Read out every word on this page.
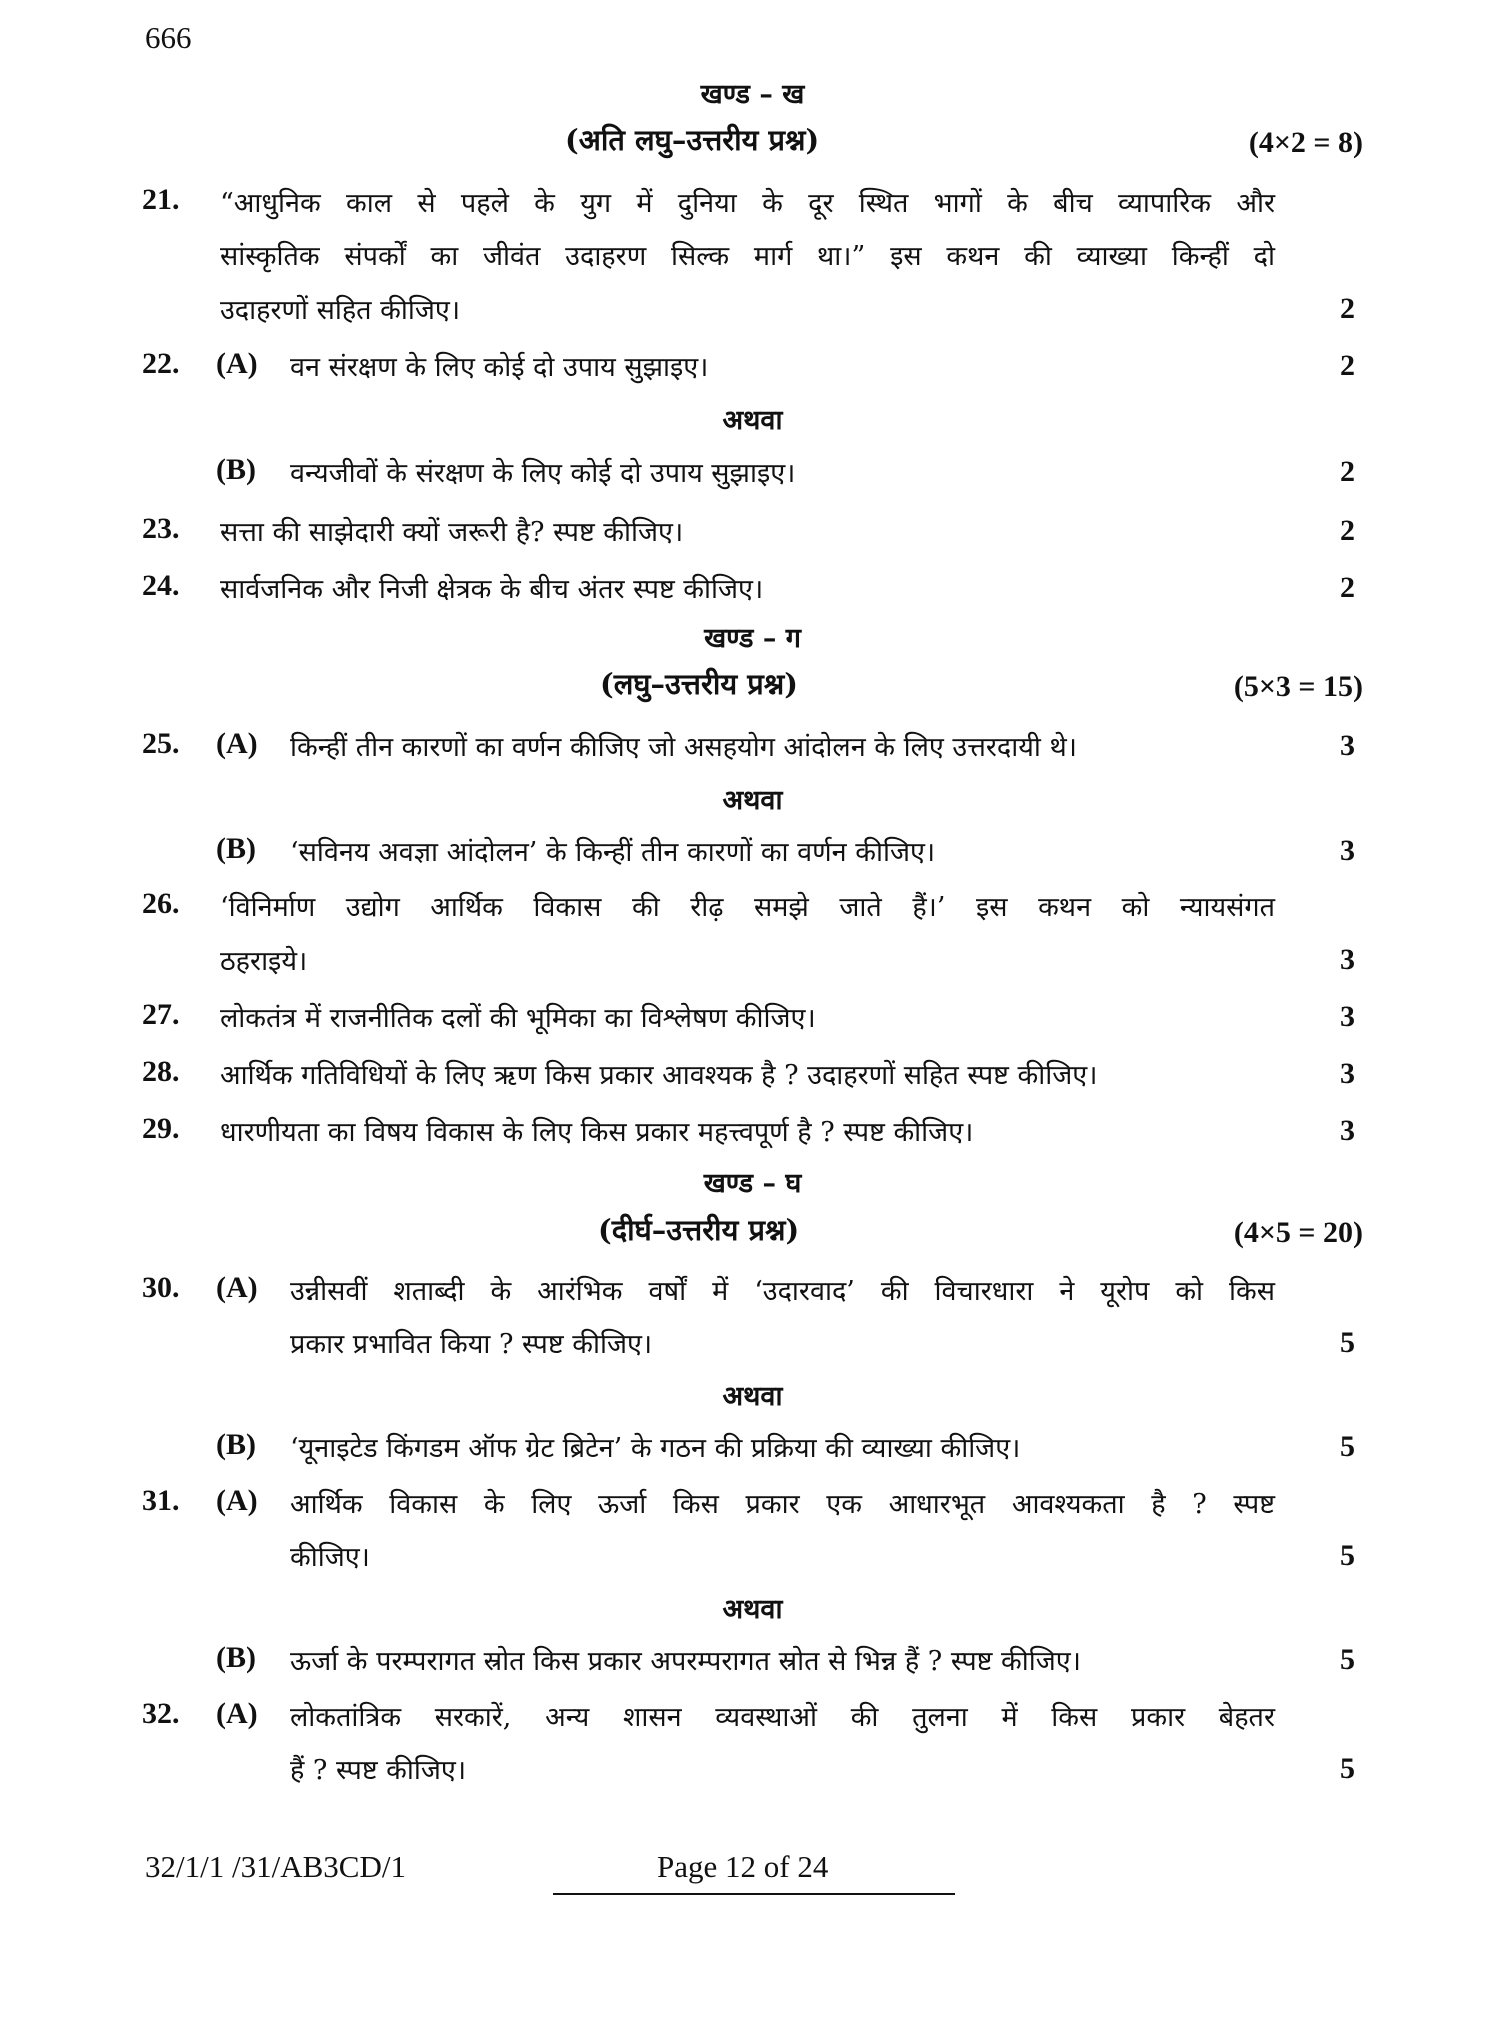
666
खण्ड – ख
(अति लघु–उत्तरीय प्रश्न)	(4×2 = 8)
21. “आधुनिक काल से पहले के युग में दुनिया के दूर स्थित भागों के बीच व्यापारिक और
सांस्कृतिक संपर्कों का जीवंत उदाहरण सिल्क मार्ग था।” इस कथन की व्याख्या किन्हीं दो
उदाहरणों सहित कीजिए।	2
22. (A) वन संरक्षण के लिए कोई दो उपाय सुझाइए।	2
अथवा
(B) वन्यजीवों के संरक्षण के लिए कोई दो उपाय सुझाइए।	2
23. सत्ता की साझेदारी क्यों जरूरी है? स्पष्ट कीजिए।	2
24. सार्वजनिक और निजी क्षेत्रक के बीच अंतर स्पष्ट कीजिए।	2
खण्ड – ग
(लघु–उत्तरीय प्रश्न)	(5×3 = 15)
25. (A) किन्हीं तीन कारणों का वर्णन कीजिए जो असहयोग आंदोलन के लिए उत्तरदायी थे।	3
अथवा
(B) ‘सविनय अवज्ञा आंदोलन’ के किन्हीं तीन कारणों का वर्णन कीजिए।	3
26. ‘विनिर्माण उद्योग आर्थिक विकास की रीढ़ समझे जाते हैं।’ इस कथन को न्यायसंगत
ठहराइये।	3
27. लोकतंत्र में राजनीतिक दलों की भूमिका का विश्लेषण कीजिए।	3
28. आर्थिक गतिविधियों के लिए ऋण किस प्रकार आवश्यक है ? उदाहरणों सहित स्पष्ट कीजिए।	3
29. धारणीयता का विषय विकास के लिए किस प्रकार महत्त्वपूर्ण है ? स्पष्ट कीजिए।	3
खण्ड – घ
(दीर्घ–उत्तरीय प्रश्न)	(4×5 = 20)
30. (A) उन्नीसवीं शताब्दी के आरंभिक वर्षों में ‘उदारवाद’ की विचारधारा ने यूरोप को किस
प्रकार प्रभावित किया ? स्पष्ट कीजिए।	5
अथवा
(B) ‘यूनाइटेड किंगडम ऑफ ग्रेट ब्रिटेन’ के गठन की प्रक्रिया की व्याख्या कीजिए।	5
31. (A) आर्थिक विकास के लिए ऊर्जा किस प्रकार एक आधारभूत आवश्यकता है ? स्पष्ट
कीजिए।	5
अथवा
(B) ऊर्जा के परम्परागत स्रोत किस प्रकार अपरम्परागत स्रोत से भिन्न हैं ? स्पष्ट कीजिए।	5
32. (A) लोकतांत्रिक सरकारें, अन्य शासन व्यवस्थाओं की तुलना में किस प्रकार बेहतर
हैं ? स्पष्ट कीजिए।	5
32/1/1 /31/AB3CD/1	Page 12 of 24
